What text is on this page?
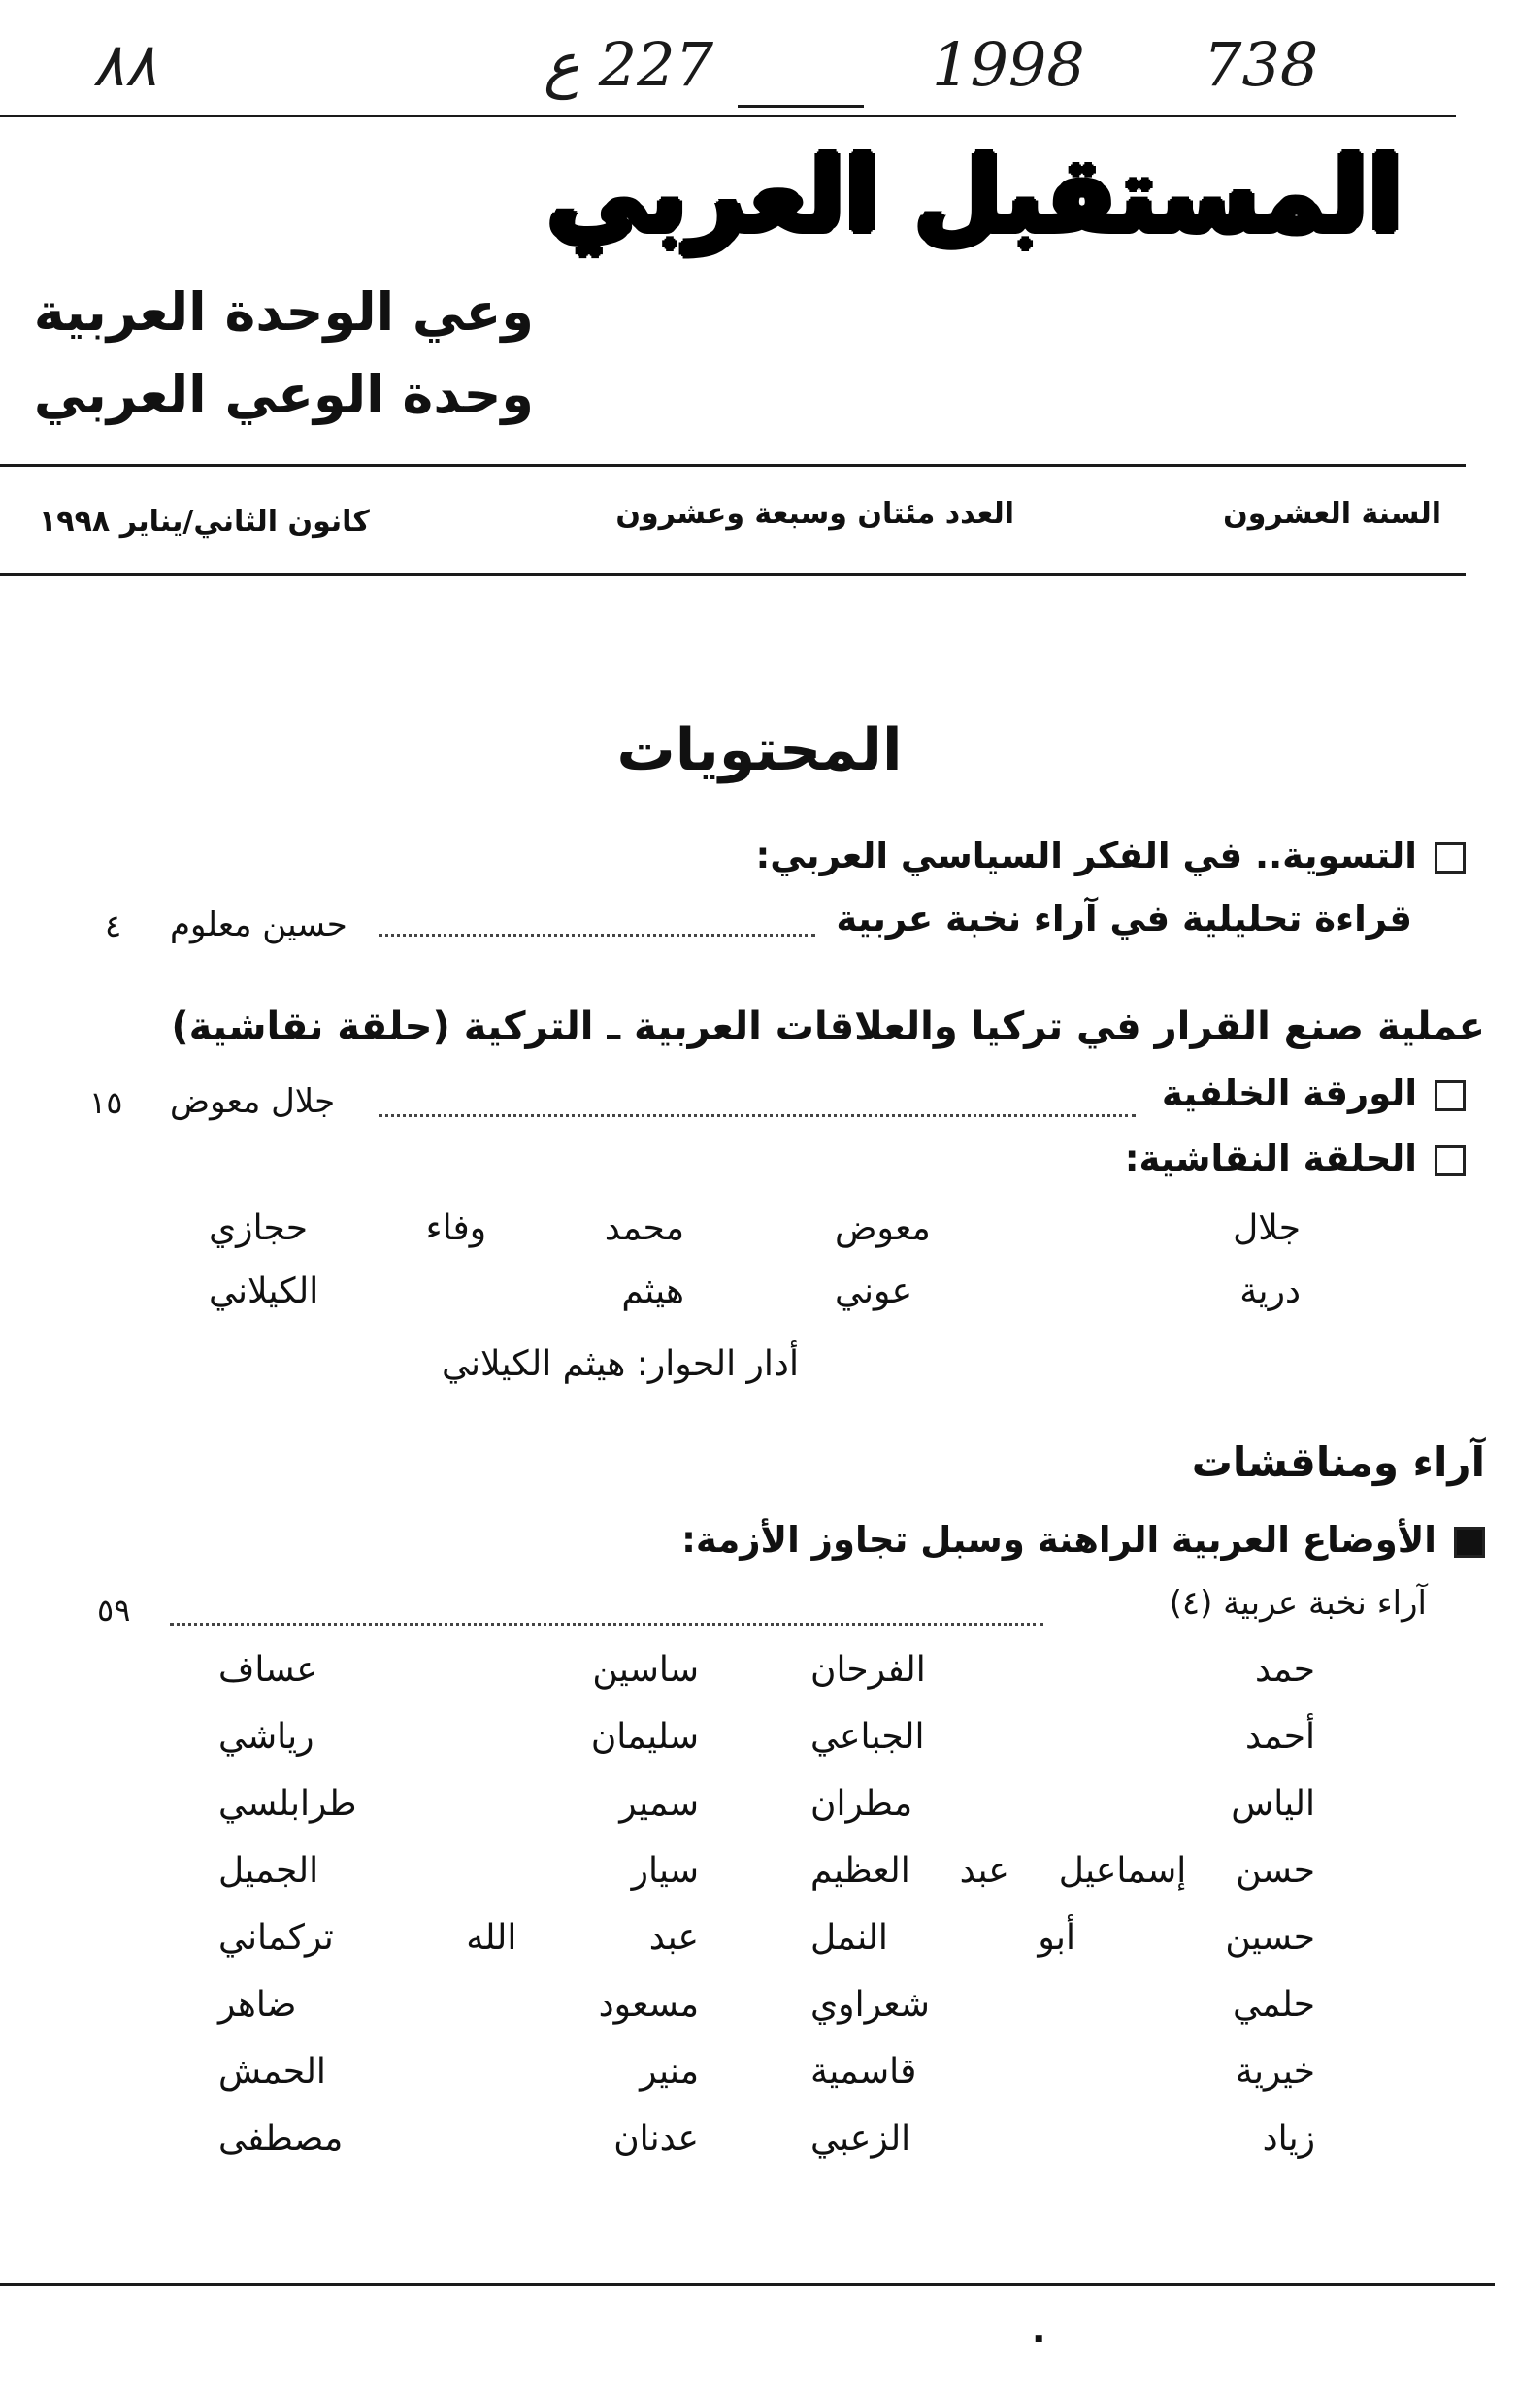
٨٨	227 ع	1998 738
المستقبل العربي
وعي الوحدة العربية
وحدة الوعي العربي
السنة العشرون
العدد مئتان وسبعة وعشرون
كانون الثاني/يناير ١٩٩٨
المحتويات
التسوية.. في الفكر السياسي العربي:
قراءة تحليلية في آراء نخبة عربية
حسين معلوم
٤
عملية صنع القرار في تركيا والعلاقات العربية ـ التركية (حلقة نقاشية)
الورقة الخلفية
جلال معوض
١٥
الحلقة النقاشية:
جلال معوض
درية عوني
محمد وفاء حجازي
هيثم الكيلاني
أدار الحوار: هيثم الكيلاني
آراء ومناقشات
الأوضاع العربية الراهنة وسبل تجاوز الأزمة:
آراء نخبة عربية (٤)
٥٩
حمد الفرحان
أحمد الجباعي
الياس مطران
حسن إسماعيل عبد العظيم
حسين أبو النمل
حلمي شعراوي
خيرية قاسمية
زياد الزعبي
ساسين عساف
سليمان رياشي
سمير طرابلسي
سيار الجميل
عبد الله تركماني
مسعود ضاهر
منير الحمش
عدنان مصطفى
٠
